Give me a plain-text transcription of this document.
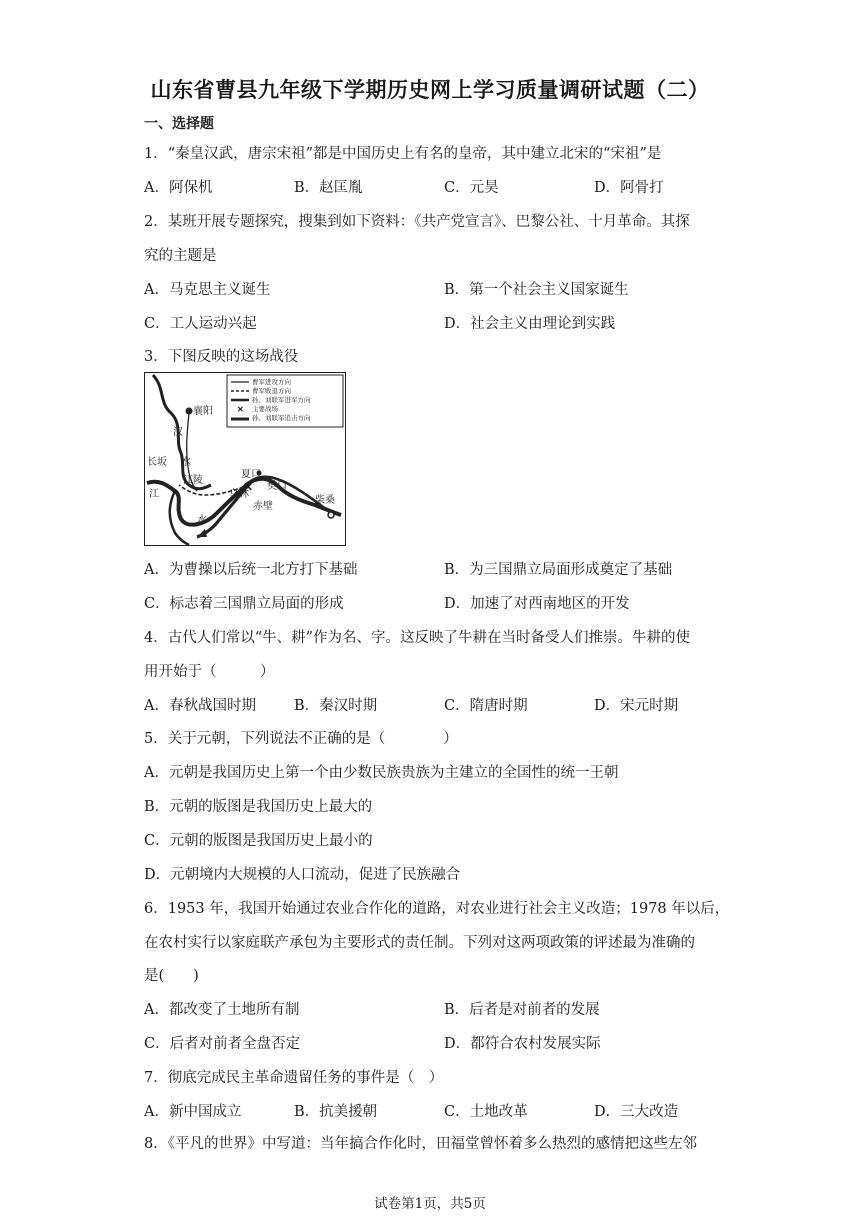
山东省曹县九年级下学期历史网上学习质量调研试题（二）
一、选择题
1．“秦皇汉武，唐宗宋祖”都是中国历史上有名的皇帝，其中建立北宋的“宋祖”是
A．阿保机	B．赵匡胤	C．元昊	D．阿骨打
2．某班开展专题探究，搜集到如下资料：《共产党宣言》、巴黎公社、十月革命。其探
究的主题是
A．马克思主义诞生	B．第一个社会主义国家诞生
C．工人运动兴起	D．社会主义由理论到实践
3．下图反映的这场战役
✕
曹军进攻方向
曹军败退方向
孙、刘联军进军方向
主要战场
孙、刘联军追击方向
✕
襄阳
汉
水
长坂
江
江陵
乌林
夏口
樊口
赤壁
柴桑
水
A．为曹操以后统一北方打下基础	B．为三国鼎立局面形成奠定了基础
C．标志着三国鼎立局面的形成	D．加速了对西南地区的开发
4．古代人们常以“牛、耕”作为名、字。这反映了牛耕在当时备受人们推崇。牛耕的使
用开始于（　　　）
A．春秋战国时期	B．秦汉时期	C．隋唐时期	D．宋元时期
5．关于元朝，下列说法不正确的是（　　　　）
A．元朝是我国历史上第一个由少数民族贵族为主建立的全国性的统一王朝
B．元朝的版图是我国历史上最大的
C．元朝的版图是我国历史上最小的
D．元朝境内大规模的人口流动，促进了民族融合
6．1953 年，我国开始通过农业合作化的道路，对农业进行社会主义改造；1978 年以后，
在农村实行以家庭联产承包为主要形式的责任制。下列对这两项政策的评述最为准确的
是(　　)
A．都改变了土地所有制	B．后者是对前者的发展
C．后者对前者全盘否定	D．都符合农村发展实际
7．彻底完成民主革命遗留任务的事件是（　）
A．新中国成立	B．抗美援朝	C．土地改革	D．三大改造
8．《平凡的世界》中写道：当年搞合作化时，田福堂曾怀着多么热烈的感情把这些左邻
试卷第1页，共5页
